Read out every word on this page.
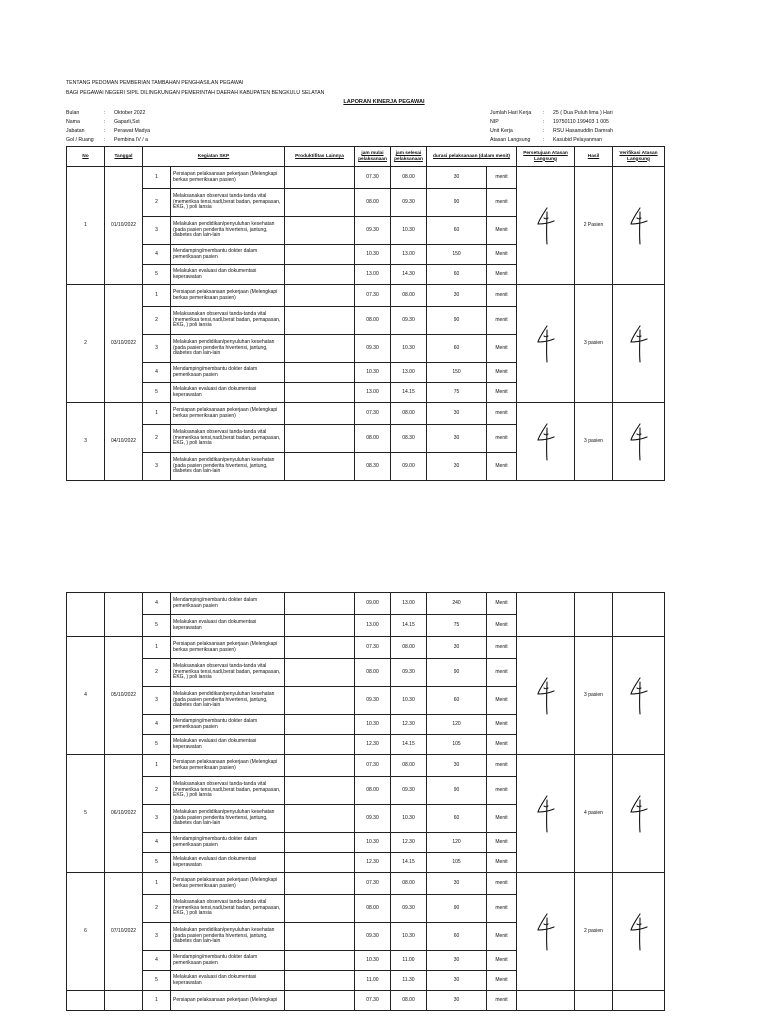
TENTANG PEDOMAN PEMBERIAN TAMBAHAN PENGHASILAN PEGAWAI
BAGI PEGAWAI NEGERI SIPIL DILINGKUNGAN PEMERINTAH DAERAH KABUPATEN BENGKULU SELATAN
LAPORAN KINERJA PEGAWAI
Bulan	: Oktober 2022
Nama	: Gaparli,Sst
Jabatan	: Perawat Madya
Gol / Ruang : Pembina IV / a
Jumlah Hari Kerja : 25 ( Dua Puluh lima ) Hari
NIP	: 19750110 199403 1 005
Unit Kerja	: RSU Hasanuddin Damrah
Atasan Langsung : Kasubid Pelayanman
No	Tanggal	Kegiatan SKP		Produktifitas Lainnya	jam mulai pelaksanaan	jam selesai pelaksanaan	durasi pelaksanaan (dalam menit)		Persetujuan Atasan Langsung	Hasil	Verifikasi Atasan Langsung
1	01/10/2022	1	Persiapan pelaksanaan pekerjaan (Melengkapi berkas pemeriksaan pasien)		07.30	08.00	30	menit		2 Pasien	

		2	Melaksanakan observasi tanda-tanda vital (memeriksa tensi,nadi,berat badan, pemapasan, EKG, ) poli lansia		08.00	09.30	90	menit			
		3	Melakukan pendidikan/penyuluhan kesehatan (pada pasien penderita hivertensi, jantung, diabetes dan lain-lain		09.30	10.30	60	Menit			
		4	Mendamping/membantu dokter dalam pemeriksaan pasien		10.30	13.00	150	Menit			
		5	Melakukan evaluasi dan dokumentasi keperawatan		13.00	14.30	60	Menit			
2	03/10/2022	1	Persiapan pelaksanaan pekerjaan (Melengkapi berkas pemeriksaan pasien)		07.30	08.00	30	menit		3 pasien	

		2	Melaksanakan observasi tanda-tanda vital (memeriksa tensi,nadi,berat badan, pemapasan, EKG, ) poli lansia		08.00	09.30	90	menit			
		3	Melakukan pendidikan/penyuluhan kesehatan (pada pasien penderita hivertensi, jantung, diabetes dan lain-lain		09.30	10.30	60	Menit			
		4	Mendamping/membantu dokter dalam pemeriksaan pasien		10.30	13.00	150	Menit			
		5	Melakukan evaluasi dan dokumentasi keperawatan		13.00	14.15	75	Menit			
3	04/10/2022	1	Persiapan pelaksanaan pekerjaan (Melengkapi berkas pemeriksaan pasien)		07.30	08.00	30	menit		3 pasien	

		2	Melaksanakan observasi tanda-tanda vital (memeriksa tensi,nadi,berat badan, pemapasan, EKG, ) poli lansia		08.00	08.30	30	menit			
		3	Melakukan pendidikan/penyuluhan kesehatan (pada pasien penderita hivertensi, jantung, diabetes dan lain-lain		08.30	09.00	30	Menit			
		4	Mendamping/membantu dokter dalam pemeriksaan pasien		09.00	13.00	240	Menit			
		5	Melakukan evaluasi dan dokumentasi keperawatan		13.00	14.15	75	Menit			
4	05/10/2022	1	Persiapan pelaksanaan pekerjaan (Melengkapi berkas pemeriksaan pasien)		07.30	08.00	30	menit		3 pasien	

		2	Melaksanakan observasi tanda-tanda vital (memeriksa tensi,nadi,berat badan, pemapasan, EKG, ) poli lansia		08.00	09.30	90	menit			
		3	Melakukan pendidikan/penyuluhan kesehatan (pada pasien penderita hivertensi, jantung, diabetes dan lain-lain		09.30	10.30	60	Menit			
		4	Mendamping/membantu dokter dalam pemeriksaan pasien		10.30	12.30	120	Menit			
		5	Melakukan evaluasi dan dokumentasi keperawatan		12.30	14.15	105	Menit			
5	06/10/2022	1	Persiapan pelaksanaan pekerjaan (Melengkapi berkas pemeriksaan pasien)		07.30	08.00	30	menit		4 pasien	

		2	Melaksanakan observasi tanda-tanda vital (memeriksa tensi,nadi,berat badan, pemapasan, EKG, ) poli lansia		08.00	09.30	90	menit			
		3	Melakukan pendidikan/penyuluhan kesehatan (pada pasien penderita hivertensi, jantung, diabetes dan lain-lain		09.30	10.30	60	Menit			
		4	Mendamping/membantu dokter dalam pemeriksaan pasien		10.30	12.30	120	Menit			
		5	Melakukan evaluasi dan dokumentasi keperawatan		12.30	14.15	105	Menit			
6	07/10/2022	1	Persiapan pelaksanaan pekerjaan (Melengkapi berkas pemeriksaan pasien)		07.30	08.00	30	menit		2 pasien	

		2	Melaksanakan observasi tanda-tanda vital (memeriksa tensi,nadi,berat badan, pemapasan, EKG, ) poli lansia		08.00	09.30	90	menit			
		3	Melakukan pendidikan/penyuluhan kesehatan (pada pasien penderita hivertensi, jantung, diabetes dan lain-lain		09.30	10.30	60	Menit			
		4	Mendamping/membantu dokter dalam pemeriksaan pasien		10.30	11.00	30	Menit			
		5	Melakukan evaluasi dan dokumentasi keperawatan		11.00	11.30	30	Menit			
		1	Persiapan pelaksanaan pekerjaan (Melengkapi		07.30	08.00	30	menit			
